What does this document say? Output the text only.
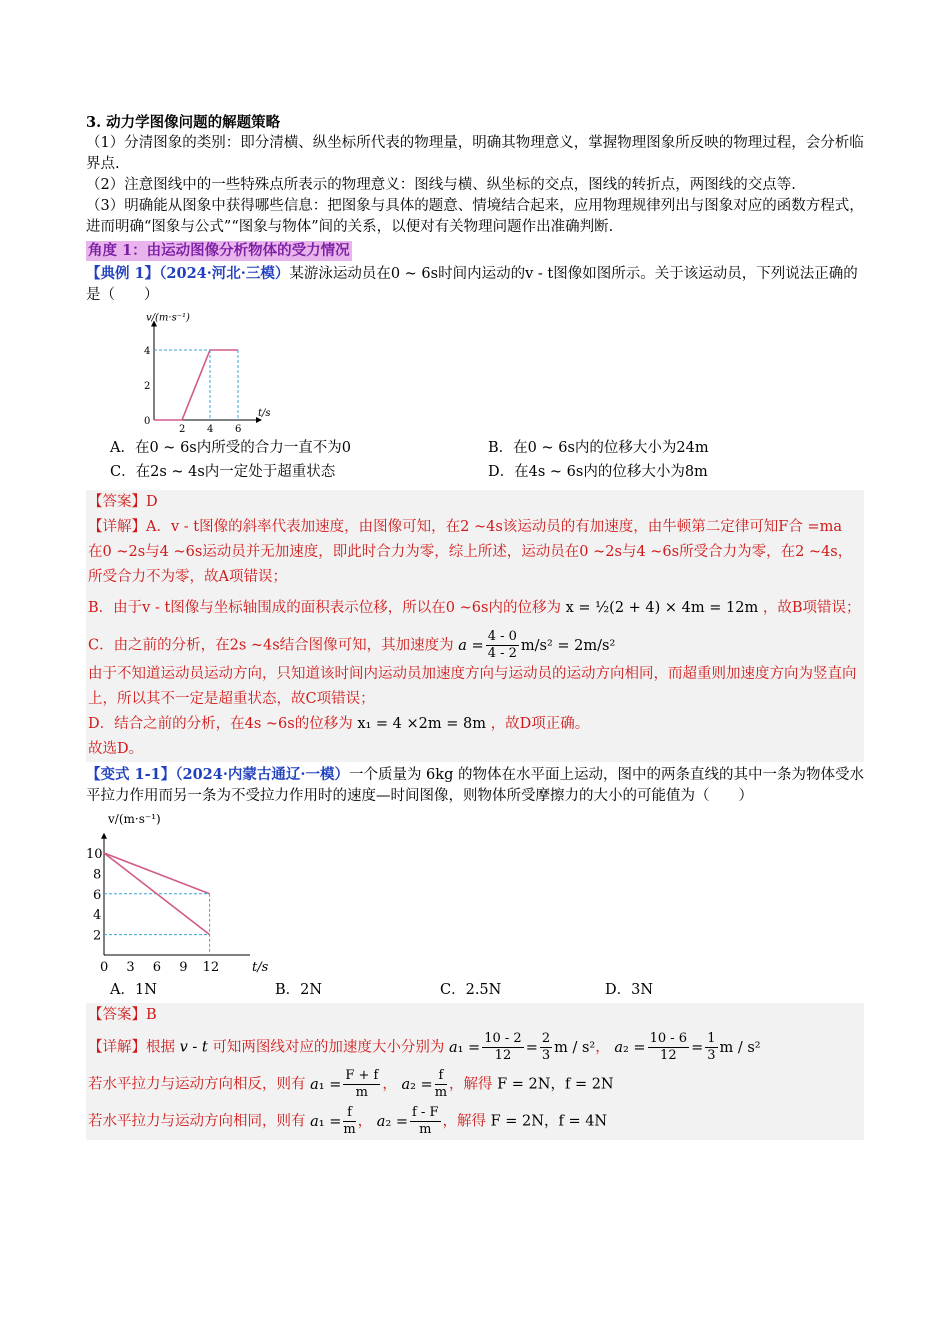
3. 动力学图像问题的解题策略

（1）分清图象的类别：即分清横、纵坐标所代表的物理量，明确其物理意义，掌握物理图象所反映的物理过程，会分析临界点.

（2）注意图线中的一些特殊点所表示的物理意义：图线与横、纵坐标的交点，图线的转折点，两图线的交点等.

（3）明确能从图象中获得哪些信息：把图象与具体的题意、情境结合起来，应用物理规律列出与图象对应的函数方程式，进而明确“图象与公式”“图象与物体”间的关系，以便对有关物理问题作出准确判断.

角度 1：由运动图像分析物体的受力情况

【典例 1】（2024·河北·三模）某游泳运动员在0 ~ 6s时间内运动的v - t图像如图所示。关于该运动员，下列说法正确的是（　　）

v/(m·s⁻¹)
t/s
2 4 6
0
2
4
A．在0 ~ 6s内所受的合力一直不为0	B．在0 ~ 6s内的位移大小为24m
C．在2s ~ 4s内一定处于超重状态	D．在4s ~ 6s内的位移大小为8m
【答案】D
【详解】A．v - t图像的斜率代表加速度，由图像可知，在2 ~4s该运动员的有加速度，由牛顿第二定律可知F合 =ma
在0 ~2s与4 ~6s运动员并无加速度，即此时合力为零，综上所述，运动员在0 ~2s与4 ~6s所受合力为零，在2 ~4s，所受合力不为零，故A项错误；
B．由于v - t图像与坐标轴围成的面积表示位移，所以在0 ~6s内的位移为 x = ½(2 + 4) × 4m = 12m ，故B项错误；
C．由之前的分析，在2s ~4s结合图像可知，其加速度为 $a = \frac{4 - 0}{4 - 2} m/s^2 = 2m/s^2$
由于不知道运动员运动方向，只知道该时间内运动员加速度方向与运动员的运动方向相同，而超重则加速度方向为竖直向上，所以其不一定是超重状态，故C项错误；
D．结合之前的分析，在4s ~6s的位移为 x₁ = 4 ×2m = 8m ，故D项正确。
故选D。

【变式 1-1】（2024·内蒙古通辽·一模）一个质量为 6kg 的物体在水平面上运动，图中的两条直线的其中一条为物体受水平拉力作用而另一条为不受拉力作用时的速度—时间图像，则物体所受摩擦力的大小的可能值为（　　）

v/(m·s⁻¹)
t/s
0 3 6 9 12
2
4
6
8
10
A．1N	B．2N	C．2.5N	D．3N
【答案】B
【详解】根据 v - t 可知两图线对应的加速度大小分别为 $a_1 = \frac{10 - 2}{12} = \frac{2}{3}$ m / s²， $a_2 = \frac{10 - 6}{12} = \frac{1}{3}$ m / s²
若水平拉力与运动方向相反，则有 $a_1 = \frac{F + f}{m}$ ， $a_2 = \frac{f}{m}$ ，解得 F = 2N，f = 2N
若水平拉力与运动方向相同，则有 $a_1 = \frac{f}{m}$ ， $a_2 = \frac{f - F}{m}$ ，解得 F = 2N，f = 4N
